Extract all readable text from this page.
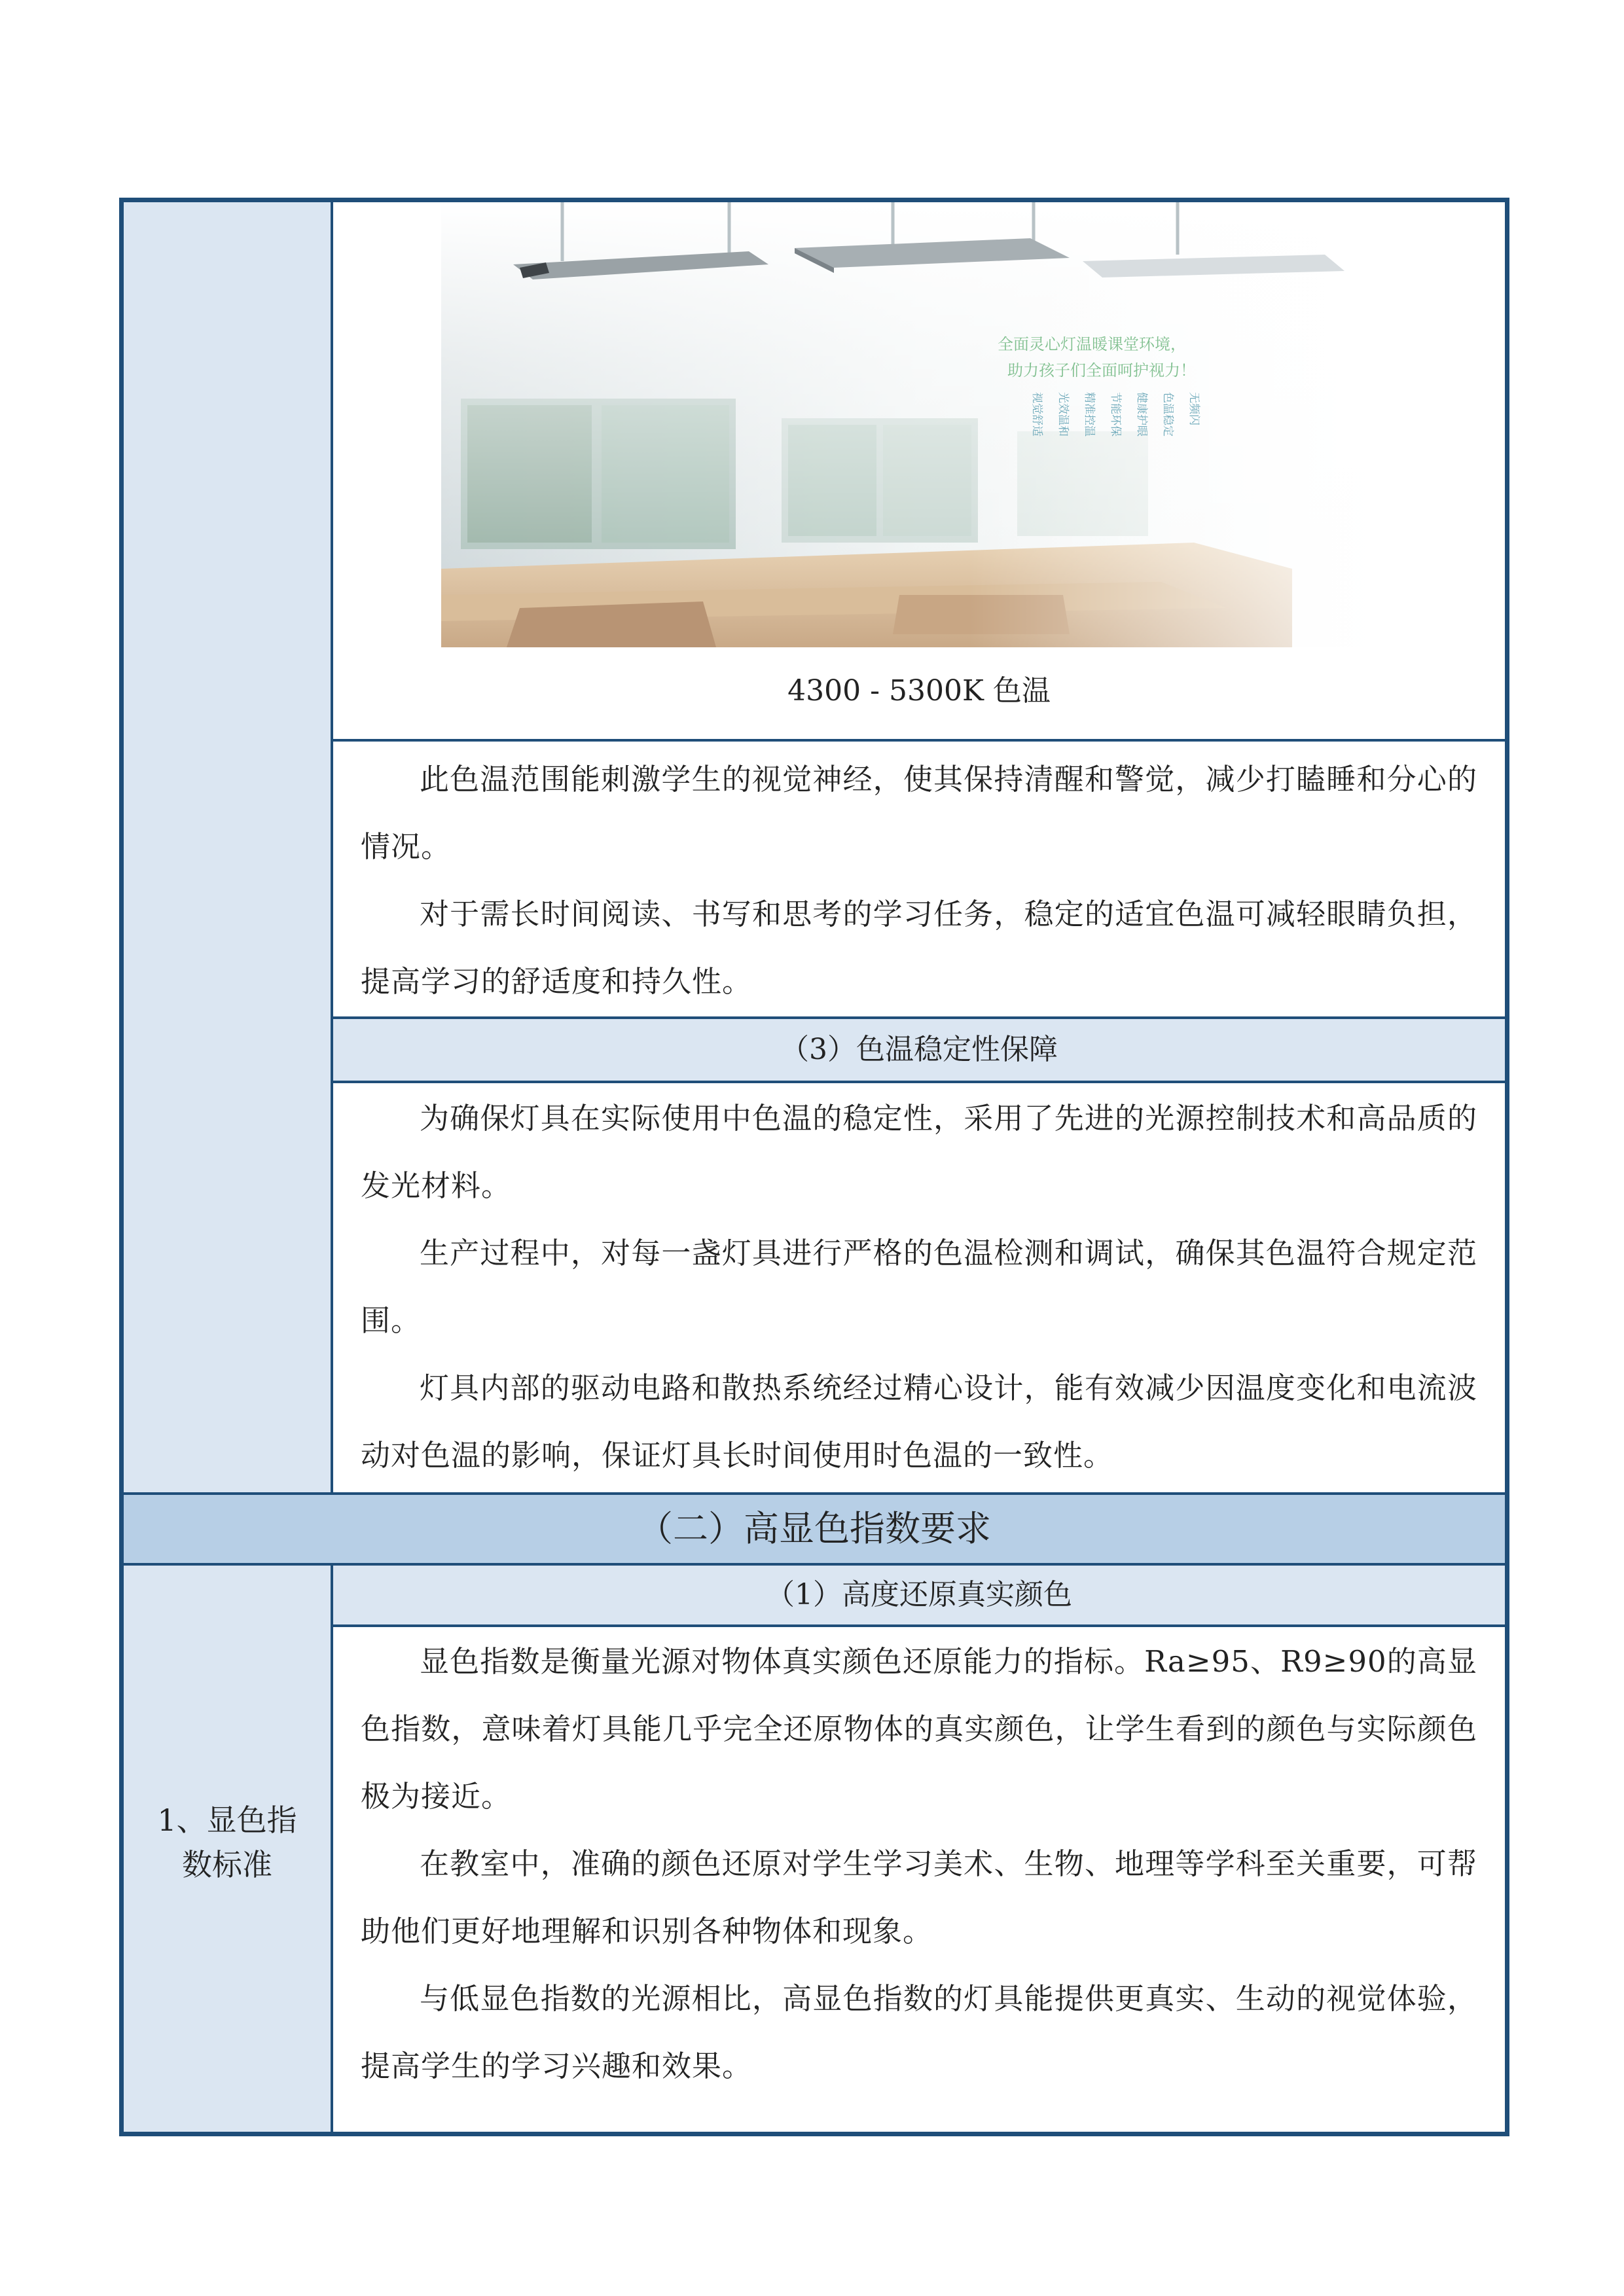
全面灵心灯温暖课堂环境，
助力孩子们全面呵护视力！
视觉舒适 光效温和 精准控温 节能环保 健康护眼 色温稳定 无频闪
4300 - 5300K 色温

此色温范围能刺激学生的视觉神经，使其保持清醒和警觉，减少打瞌睡和分心的情况。

对于需长时间阅读、书写和思考的学习任务，稳定的适宜色温可减轻眼睛负担，提高学习的舒适度和持久性。

（3）色温稳定性保障

为确保灯具在实际使用中色温的稳定性，采用了先进的光源控制技术和高品质的发光材料。

生产过程中，对每一盏灯具进行严格的色温检测和调试，确保其色温符合规定范围。

灯具内部的驱动电路和散热系统经过精心设计，能有效减少因温度变化和电流波动对色温的影响，保证灯具长时间使用时色温的一致性。

（二）高显色指数要求
1、显色指数标准
（1）高度还原真实颜色

显色指数是衡量光源对物体真实颜色还原能力的指标。Ra≥95、R9≥90的高显色指数，意味着灯具能几乎完全还原物体的真实颜色，让学生看到的颜色与实际颜色极为接近。

在教室中，准确的颜色还原对学生学习美术、生物、地理等学科至关重要，可帮助他们更好地理解和识别各种物体和现象。

与低显色指数的光源相比，高显色指数的灯具能提供更真实、生动的视觉体验，提高学生的学习兴趣和效果。
